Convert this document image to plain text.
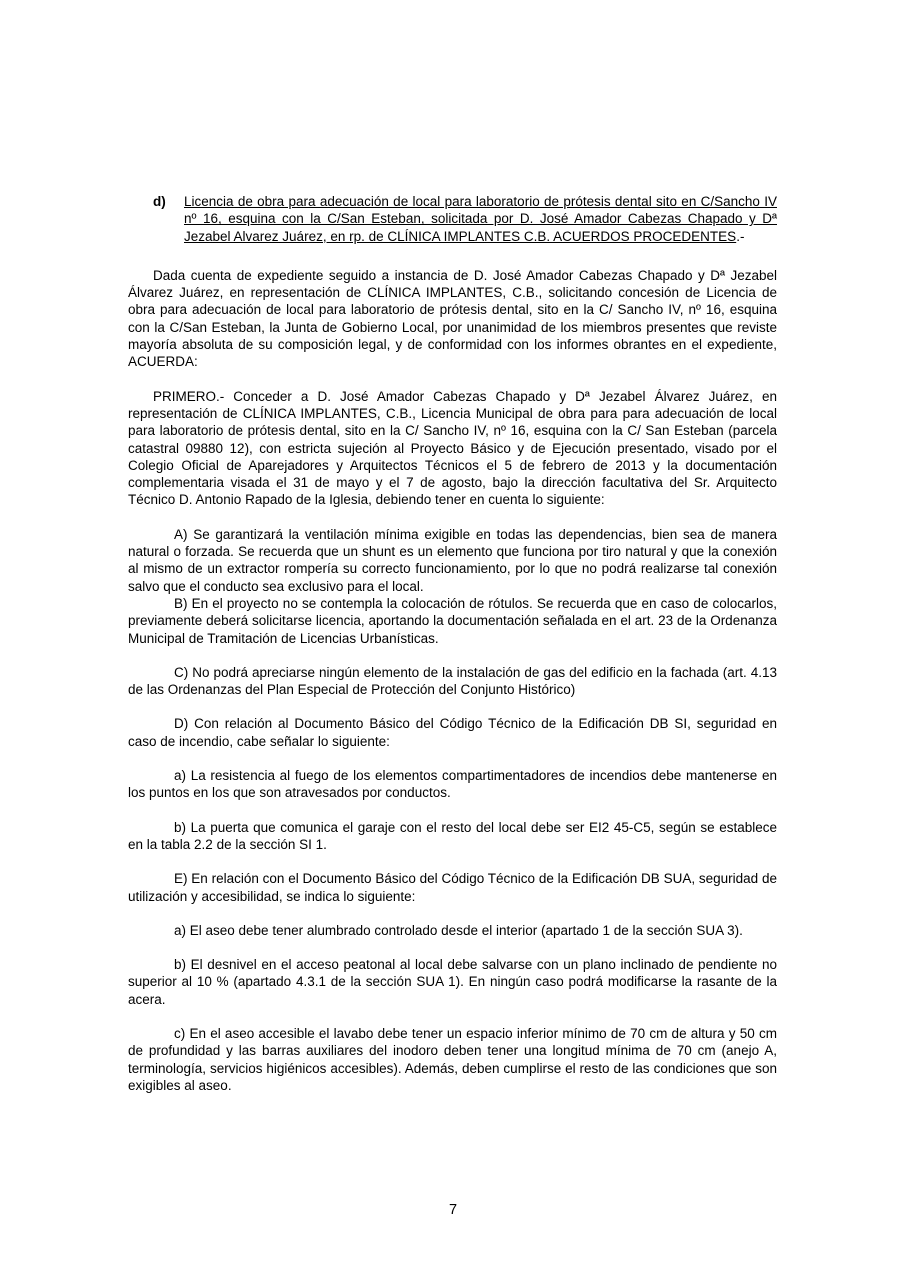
d) Licencia de obra para adecuación de local para laboratorio de prótesis dental sito en C/Sancho IV nº 16, esquina con la C/San Esteban, solicitada por D. José Amador Cabezas Chapado y Dª Jezabel Alvarez Juárez, en rp. de CLÍNICA IMPLANTES C.B. ACUERDOS PROCEDENTES.-

Dada cuenta de expediente seguido a instancia de D. José Amador Cabezas Chapado y Dª Jezabel Álvarez Juárez, en representación de CLÍNICA IMPLANTES, C.B., solicitando concesión de Licencia de obra para adecuación de local para laboratorio de prótesis dental, sito en la C/ Sancho IV, nº 16, esquina con la C/San Esteban, la Junta de Gobierno Local, por unanimidad de los miembros presentes que reviste mayoría absoluta de su composición legal, y de conformidad con los informes obrantes en el expediente, ACUERDA:

PRIMERO.- Conceder a D. José Amador Cabezas Chapado y Dª Jezabel Álvarez Juárez, en representación de CLÍNICA IMPLANTES, C.B., Licencia Municipal de obra para para adecuación de local para laboratorio de prótesis dental, sito en la C/ Sancho IV, nº 16, esquina con la C/ San Esteban (parcela catastral 09880 12), con estricta sujeción al Proyecto Básico y de Ejecución presentado, visado por el Colegio Oficial de Aparejadores y Arquitectos Técnicos el 5 de febrero de 2013 y la documentación complementaria visada el 31 de mayo y el 7 de agosto, bajo la dirección facultativa del Sr. Arquitecto Técnico D. Antonio Rapado de la Iglesia, debiendo tener en cuenta lo siguiente:

A) Se garantizará la ventilación mínima exigible en todas las dependencias, bien sea de manera natural o forzada. Se recuerda que un shunt es un elemento que funciona por tiro natural y que la conexión al mismo de un extractor rompería su correcto funcionamiento, por lo que no podrá realizarse tal conexión salvo que el conducto sea exclusivo para el local.

B) En el proyecto no se contempla la colocación de rótulos. Se recuerda que en caso de colocarlos, previamente deberá solicitarse licencia, aportando la documentación señalada en el art. 23 de la Ordenanza Municipal de Tramitación de Licencias Urbanísticas.

C) No podrá apreciarse ningún elemento de la instalación de gas del edificio en la fachada (art. 4.13 de las Ordenanzas del Plan Especial de Protección del Conjunto Histórico)

D) Con relación al Documento Básico del Código Técnico de la Edificación DB SI, seguridad en caso de incendio, cabe señalar lo siguiente:

a) La resistencia al fuego de los elementos compartimentadores de incendios debe mantenerse en los puntos en los que son atravesados por conductos.

b) La puerta que comunica el garaje con el resto del local debe ser EI2 45-C5, según se establece en la tabla 2.2 de la sección SI 1.

E) En relación con el Documento Básico del Código Técnico de la Edificación DB SUA, seguridad de utilización y accesibilidad, se indica lo siguiente:

a) El aseo debe tener alumbrado controlado desde el interior (apartado 1 de la sección SUA 3).

b) El desnivel en el acceso peatonal al local debe salvarse con un plano inclinado de pendiente no superior al 10 % (apartado 4.3.1 de la sección SUA 1). En ningún caso podrá modificarse la rasante de la acera.

c) En el aseo accesible el lavabo debe tener un espacio inferior mínimo de 70 cm de altura y 50 cm de profundidad y las barras auxiliares del inodoro deben tener una longitud mínima de 70 cm (anejo A, terminología, servicios higiénicos accesibles). Además, deben cumplirse el resto de las condiciones que son exigibles al aseo.

7
